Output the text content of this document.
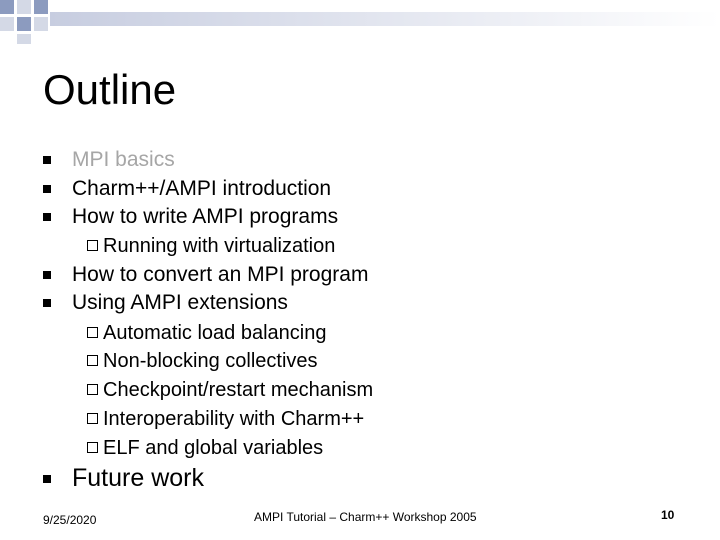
Outline
MPI basics
Charm++/AMPI introduction
How to write AMPI programs
Running with virtualization
How to convert an MPI program
Using AMPI extensions
Automatic load balancing
Non-blocking collectives
Checkpoint/restart mechanism
Interoperability with Charm++
ELF and global variables
Future work
9/25/2020	AMPI Tutorial – Charm++ Workshop 2005	10
